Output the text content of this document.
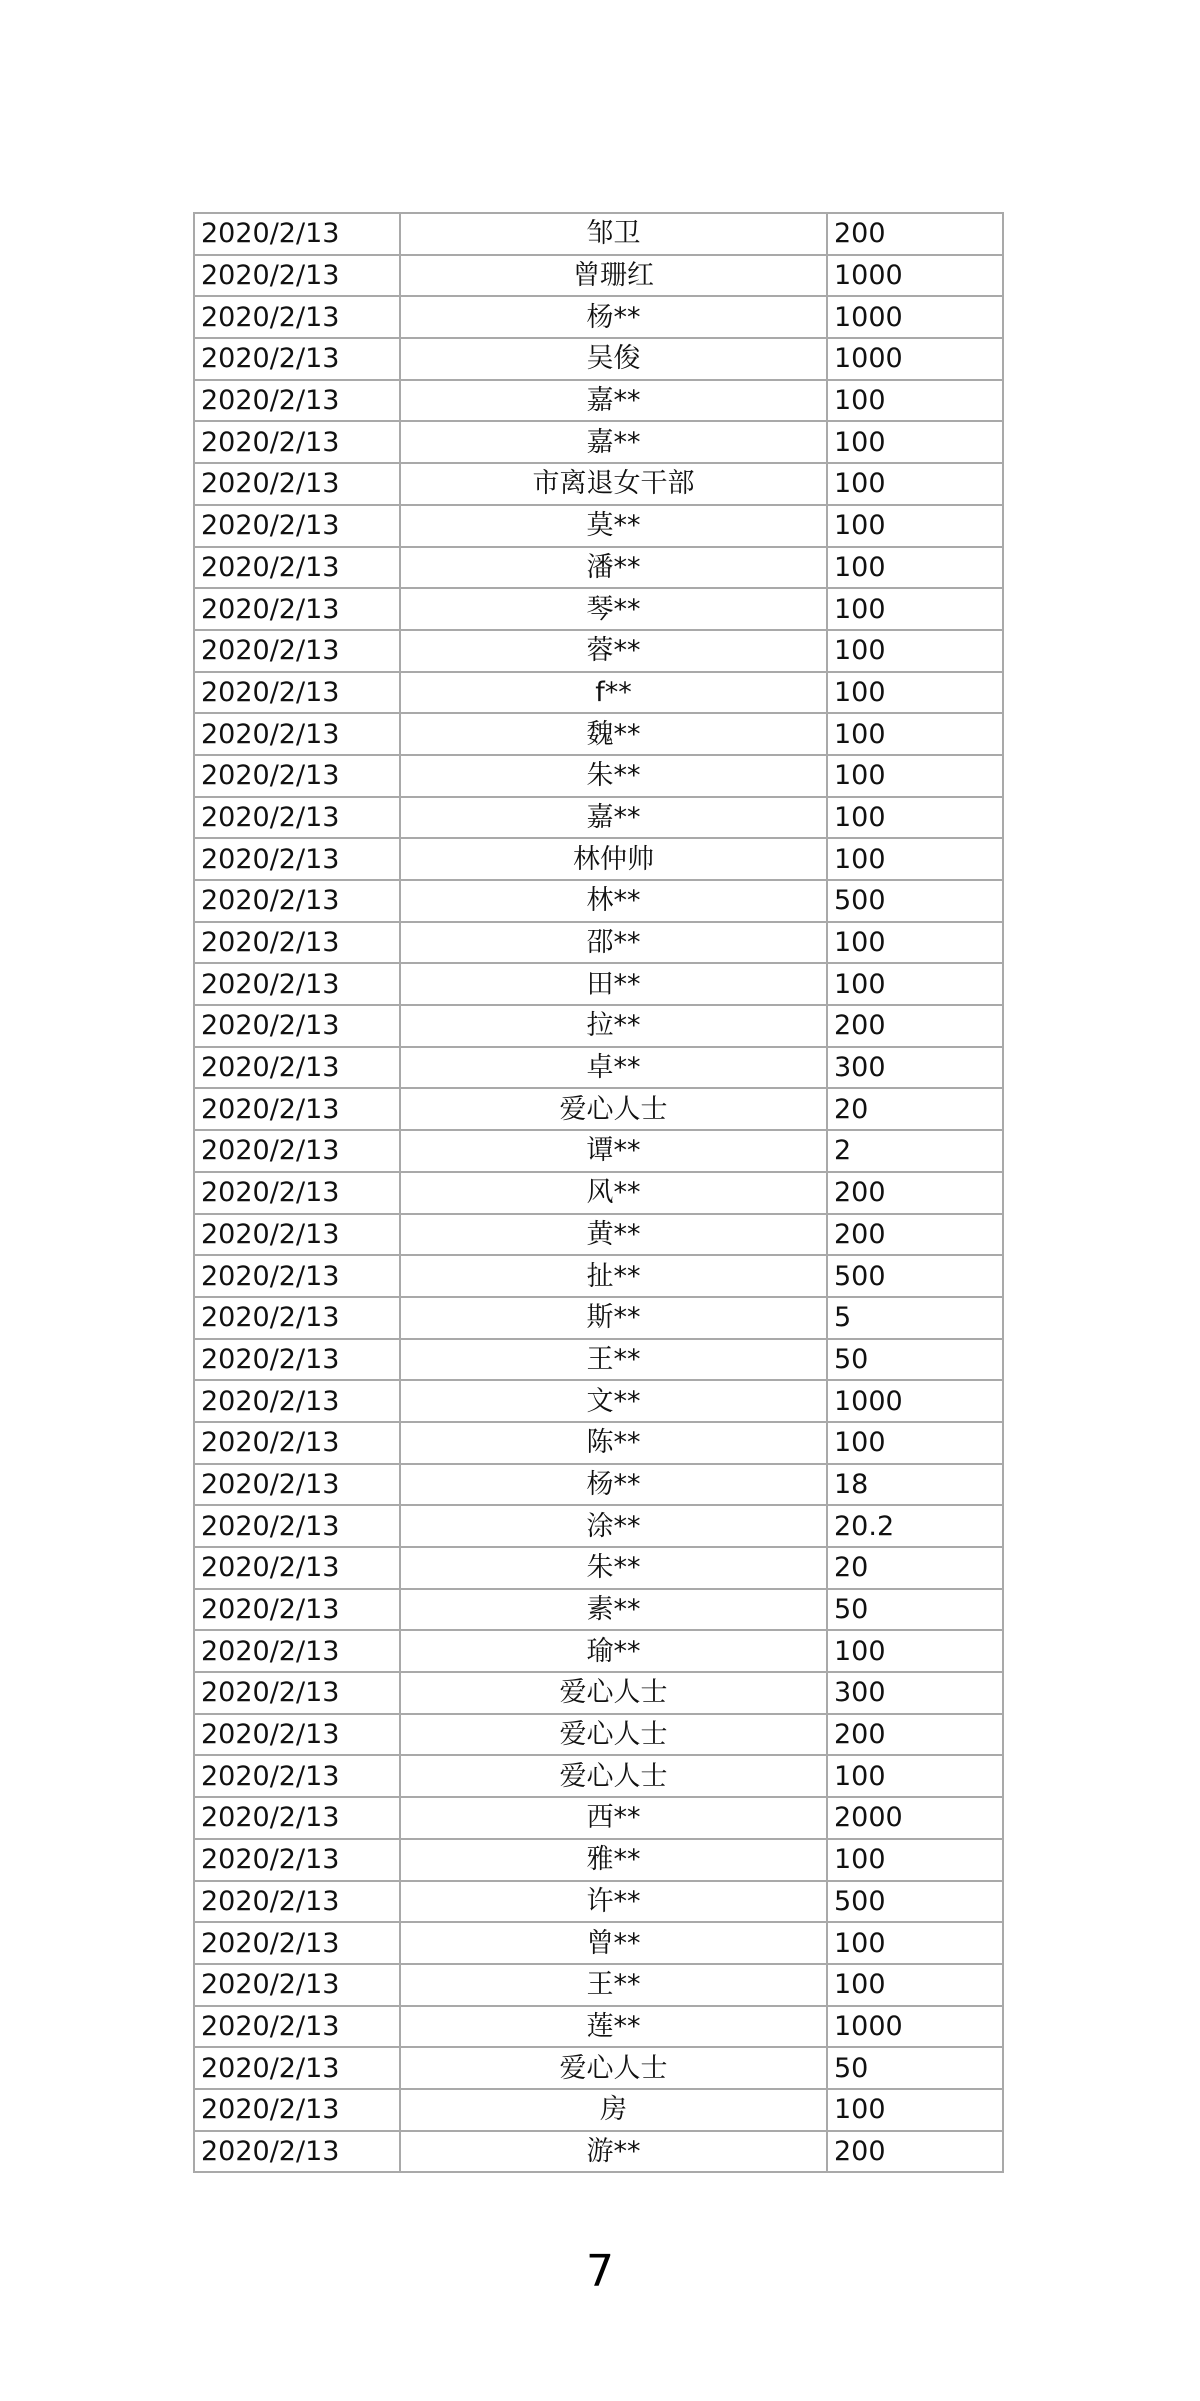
2020/2/13	邹卫	200
2020/2/13	曾珊红	1000
2020/2/13	杨**	1000
2020/2/13	吴俊	1000
2020/2/13	嘉**	100
2020/2/13	嘉**	100
2020/2/13	市离退女干部	100
2020/2/13	莫**	100
2020/2/13	潘**	100
2020/2/13	琴**	100
2020/2/13	蓉**	100
2020/2/13	f**	100
2020/2/13	魏**	100
2020/2/13	朱**	100
2020/2/13	嘉**	100
2020/2/13	林仲帅	100
2020/2/13	林**	500
2020/2/13	邵**	100
2020/2/13	田**	100
2020/2/13	拉**	200
2020/2/13	卓**	300
2020/2/13	爱心人士	20
2020/2/13	谭**	2
2020/2/13	风**	200
2020/2/13	黄**	200
2020/2/13	扯**	500
2020/2/13	斯**	5
2020/2/13	王**	50
2020/2/13	文**	1000
2020/2/13	陈**	100
2020/2/13	杨**	18
2020/2/13	涂**	20.2
2020/2/13	朱**	20
2020/2/13	素**	50
2020/2/13	瑜**	100
2020/2/13	爱心人士	300
2020/2/13	爱心人士	200
2020/2/13	爱心人士	100
2020/2/13	西**	2000
2020/2/13	雅**	100
2020/2/13	许**	500
2020/2/13	曾**	100
2020/2/13	王**	100
2020/2/13	莲**	1000
2020/2/13	爱心人士	50
2020/2/13	房	100
2020/2/13	游**	200
7
